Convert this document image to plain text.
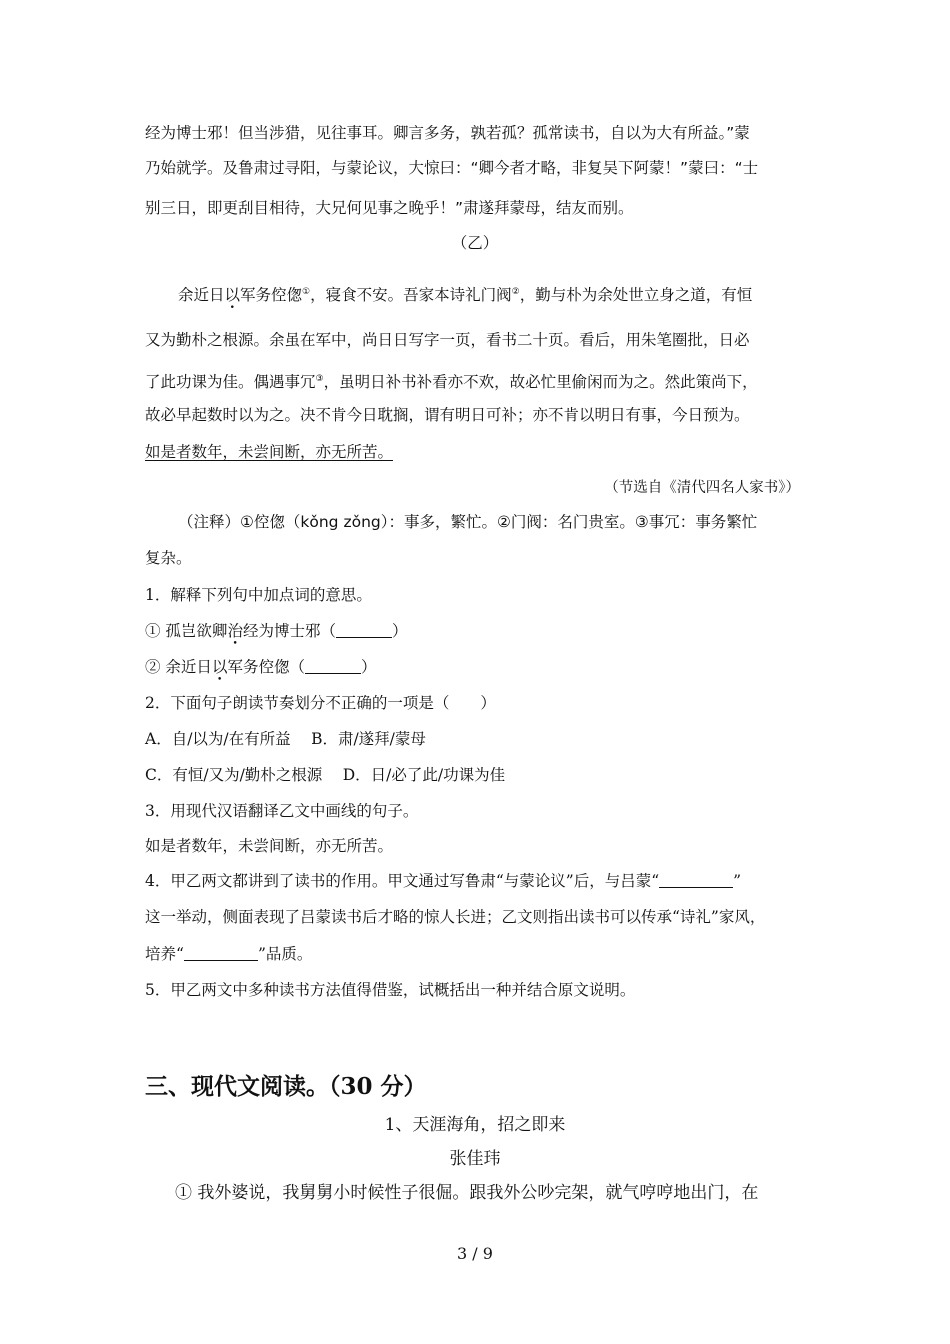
经为博士邪！但当涉猎，见往事耳。卿言多务，孰若孤？孤常读书，自以为大有所益。”蒙
乃始就学。及鲁肃过寻阳，与蒙论议，大惊曰：“卿今者才略，非复吴下阿蒙！”蒙曰：“士
别三日，即更刮目相待，大兄何见事之晚乎！”肃遂拜蒙母，结友而别。
（乙）
余近日以军务倥偬①，寝食不安。吾家本诗礼门阀②，勤与朴为余处世立身之道，有恒
又为勤朴之根源。余虽在军中，尚日日写字一页，看书二十页。看后，用朱笔圈批，日必
了此功课为佳。偶遇事冗③，虽明日补书补看亦不欢，故必忙里偷闲而为之。然此策尚下，
故必早起数时以为之。决不肯今日耽搁，谓有明日可补；亦不肯以明日有事，今日预为。
如是者数年，未尝间断，亦无所苦。
（节选自《清代四名人家书》）
（注释）①倥偬（kǒng zǒng）：事多，繁忙。②门阀：名门贵室。③事冗：事务繁忙
复杂。
1．解释下列句中加点词的意思。
① 孤岂欲卿治经为博士邪（	）
② 余近日以军务倥偬（	）
2．下面句子朗读节奏划分不正确的一项是（　　）
A．自/以为/在有所益　 B．肃/遂拜/蒙母
C．有恒/又为/勤朴之根源　 D．日/必了此/功课为佳
3．用现代汉语翻译乙文中画线的句子。
如是者数年，未尝间断，亦无所苦。
4．甲乙两文都讲到了读书的作用。甲文通过写鲁肃“与蒙论议”后，与吕蒙“	”
这一举动，侧面表现了吕蒙读书后才略的惊人长进；乙文则指出读书可以传承“诗礼”家风，
培养“	”品质。
5．甲乙两文中多种读书方法值得借鉴，试概括出一种并结合原文说明。
三、现代文阅读。（30 分）
1、天涯海角，招之即来
张佳玮
① 我外婆说，我舅舅小时候性子很倔。跟我外公吵完架，就气哼哼地出门，在
3 / 9
